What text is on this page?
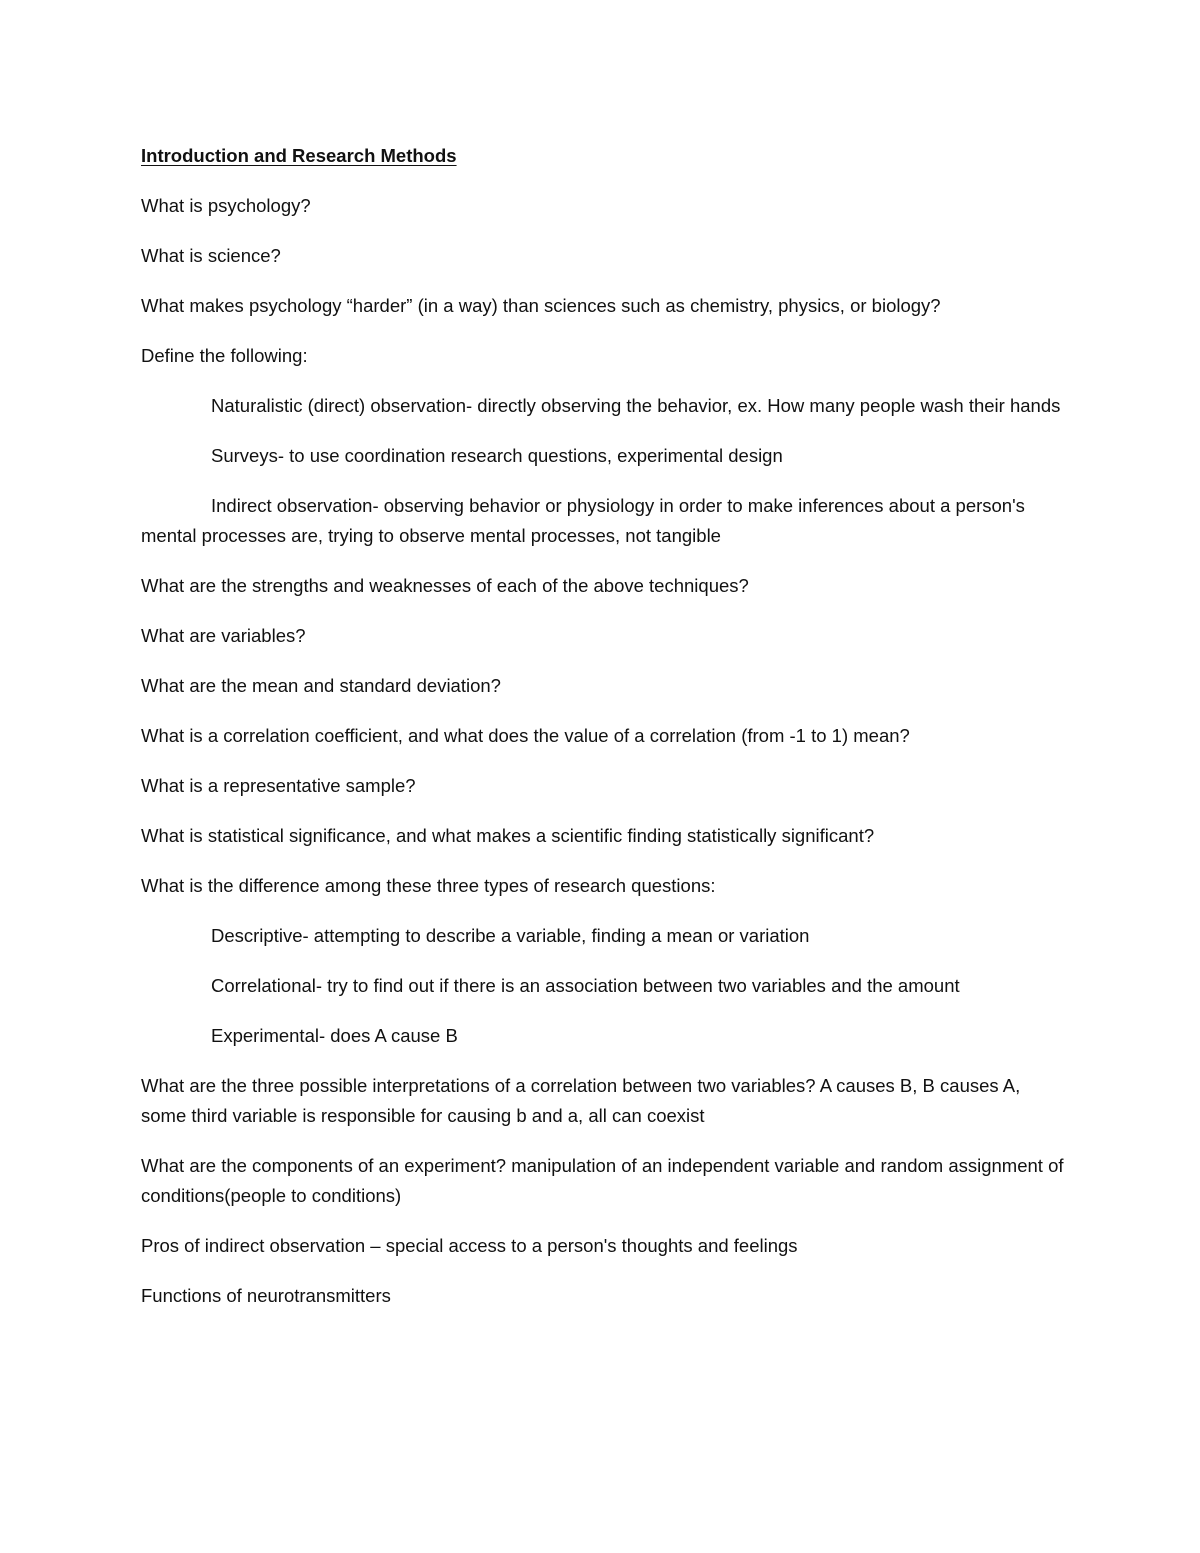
Introduction and Research Methods

What is psychology?

What is science?

What makes psychology “harder” (in a way) than sciences such as chemistry, physics, or biology?

Define the following:

Naturalistic (direct) observation- directly observing the behavior, ex. How many people wash their hands

Surveys- to use coordination research questions, experimental design

Indirect observation- observing behavior or physiology in order to make inferences about a person's mental processes are, trying to observe mental processes, not tangible

What are the strengths and weaknesses of each of the above techniques?

What are variables?

What are the mean and standard deviation?

What is a correlation coefficient, and what does the value of a correlation (from -1 to 1) mean?

What is a representative sample?

What is statistical significance, and what makes a scientific finding statistically significant?

What is the difference among these three types of research questions:

Descriptive- attempting to describe a variable, finding a mean or variation

Correlational- try to find out if there is an association between two variables and the amount

Experimental- does A cause B

What are the three possible interpretations of a correlation between two variables? A causes B, B causes A, some third variable is responsible for causing b and a, all can coexist

What are the components of an experiment? manipulation of an independent variable and random assignment of conditions(people to conditions)

Pros of indirect observation – special access to a person's thoughts and feelings

Functions of neurotransmitters
